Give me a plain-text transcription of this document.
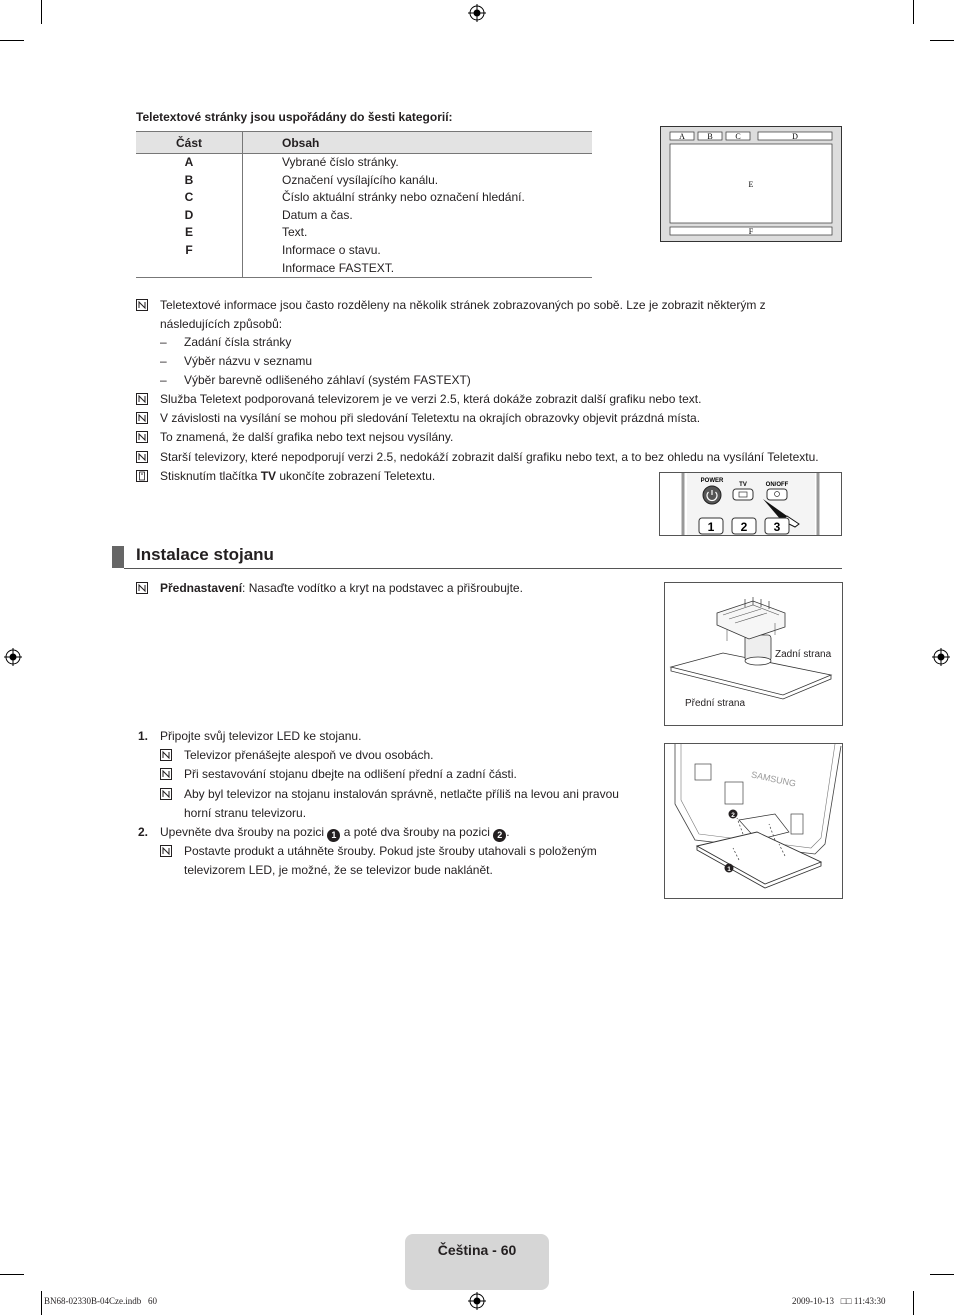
Teletextové stránky jsou uspořádány do šesti kategorií:
Část	Obsah
A	Vybrané číslo stránky.
B	Označení vysílajícího kanálu.
C	Číslo aktuální stránky nebo označení hledání.
D	Datum a čas.
E	Text.
F	Informace o stavu.
	Informace FASTEXT.
A	B	C	D
E
F
Teletextové informace jsou často rozděleny na několik stránek zobrazovaných po sobě. Lze je zobrazit některým z následujících způsobů:
– Zadání čísla stránky
– Výběr názvu v seznamu
– Výběr barevně odlišeného záhlaví (systém FASTEXT)
Služba Teletext podporovaná televizorem je ve verzi 2.5, která dokáže zobrazit další grafiku nebo text.
V závislosti na vysílání se mohou při sledování Teletextu na okrajích obrazovky objevit prázdná místa.
To znamená, že další grafika nebo text nejsou vysílány.
Starší televizory, které nepodporují verzi 2.5, nedokáží zobrazit další grafiku nebo text, a to bez ohledu na vysílání Teletextu.
Stisknutím tlačítka TV ukončíte zobrazení Teletextu.	POWER
TV	ON/OFF
1 2 3
Instalace stojanu
Přednastavení: Nasaďte vodítko a kryt na podstavec a přišroubujte.
Zadní strana
Přední strana
1. Připojte svůj televizor LED ke stojanu.
Televizor přenášejte alespoň ve dvou osobách.
Při sestavování stojanu dbejte na odlišení přední a zadní části.
Aby byl televizor na stojanu instalován správně, netlačte příliš na levou ani pravou horní stranu televizoru.
2. Upevněte dva šrouby na pozici 1 a poté dva šrouby na pozici 2 .
Postavte produkt a utáhněte šrouby. Pokud jste šrouby utahovali s položeným televizorem LED, je možné, že se televizor bude naklánět.
SAMSUNG
2
1
Čeština - 60
BN68-02330B-04Cze.indb   60	2009-10-13   □□ 11:43:30
